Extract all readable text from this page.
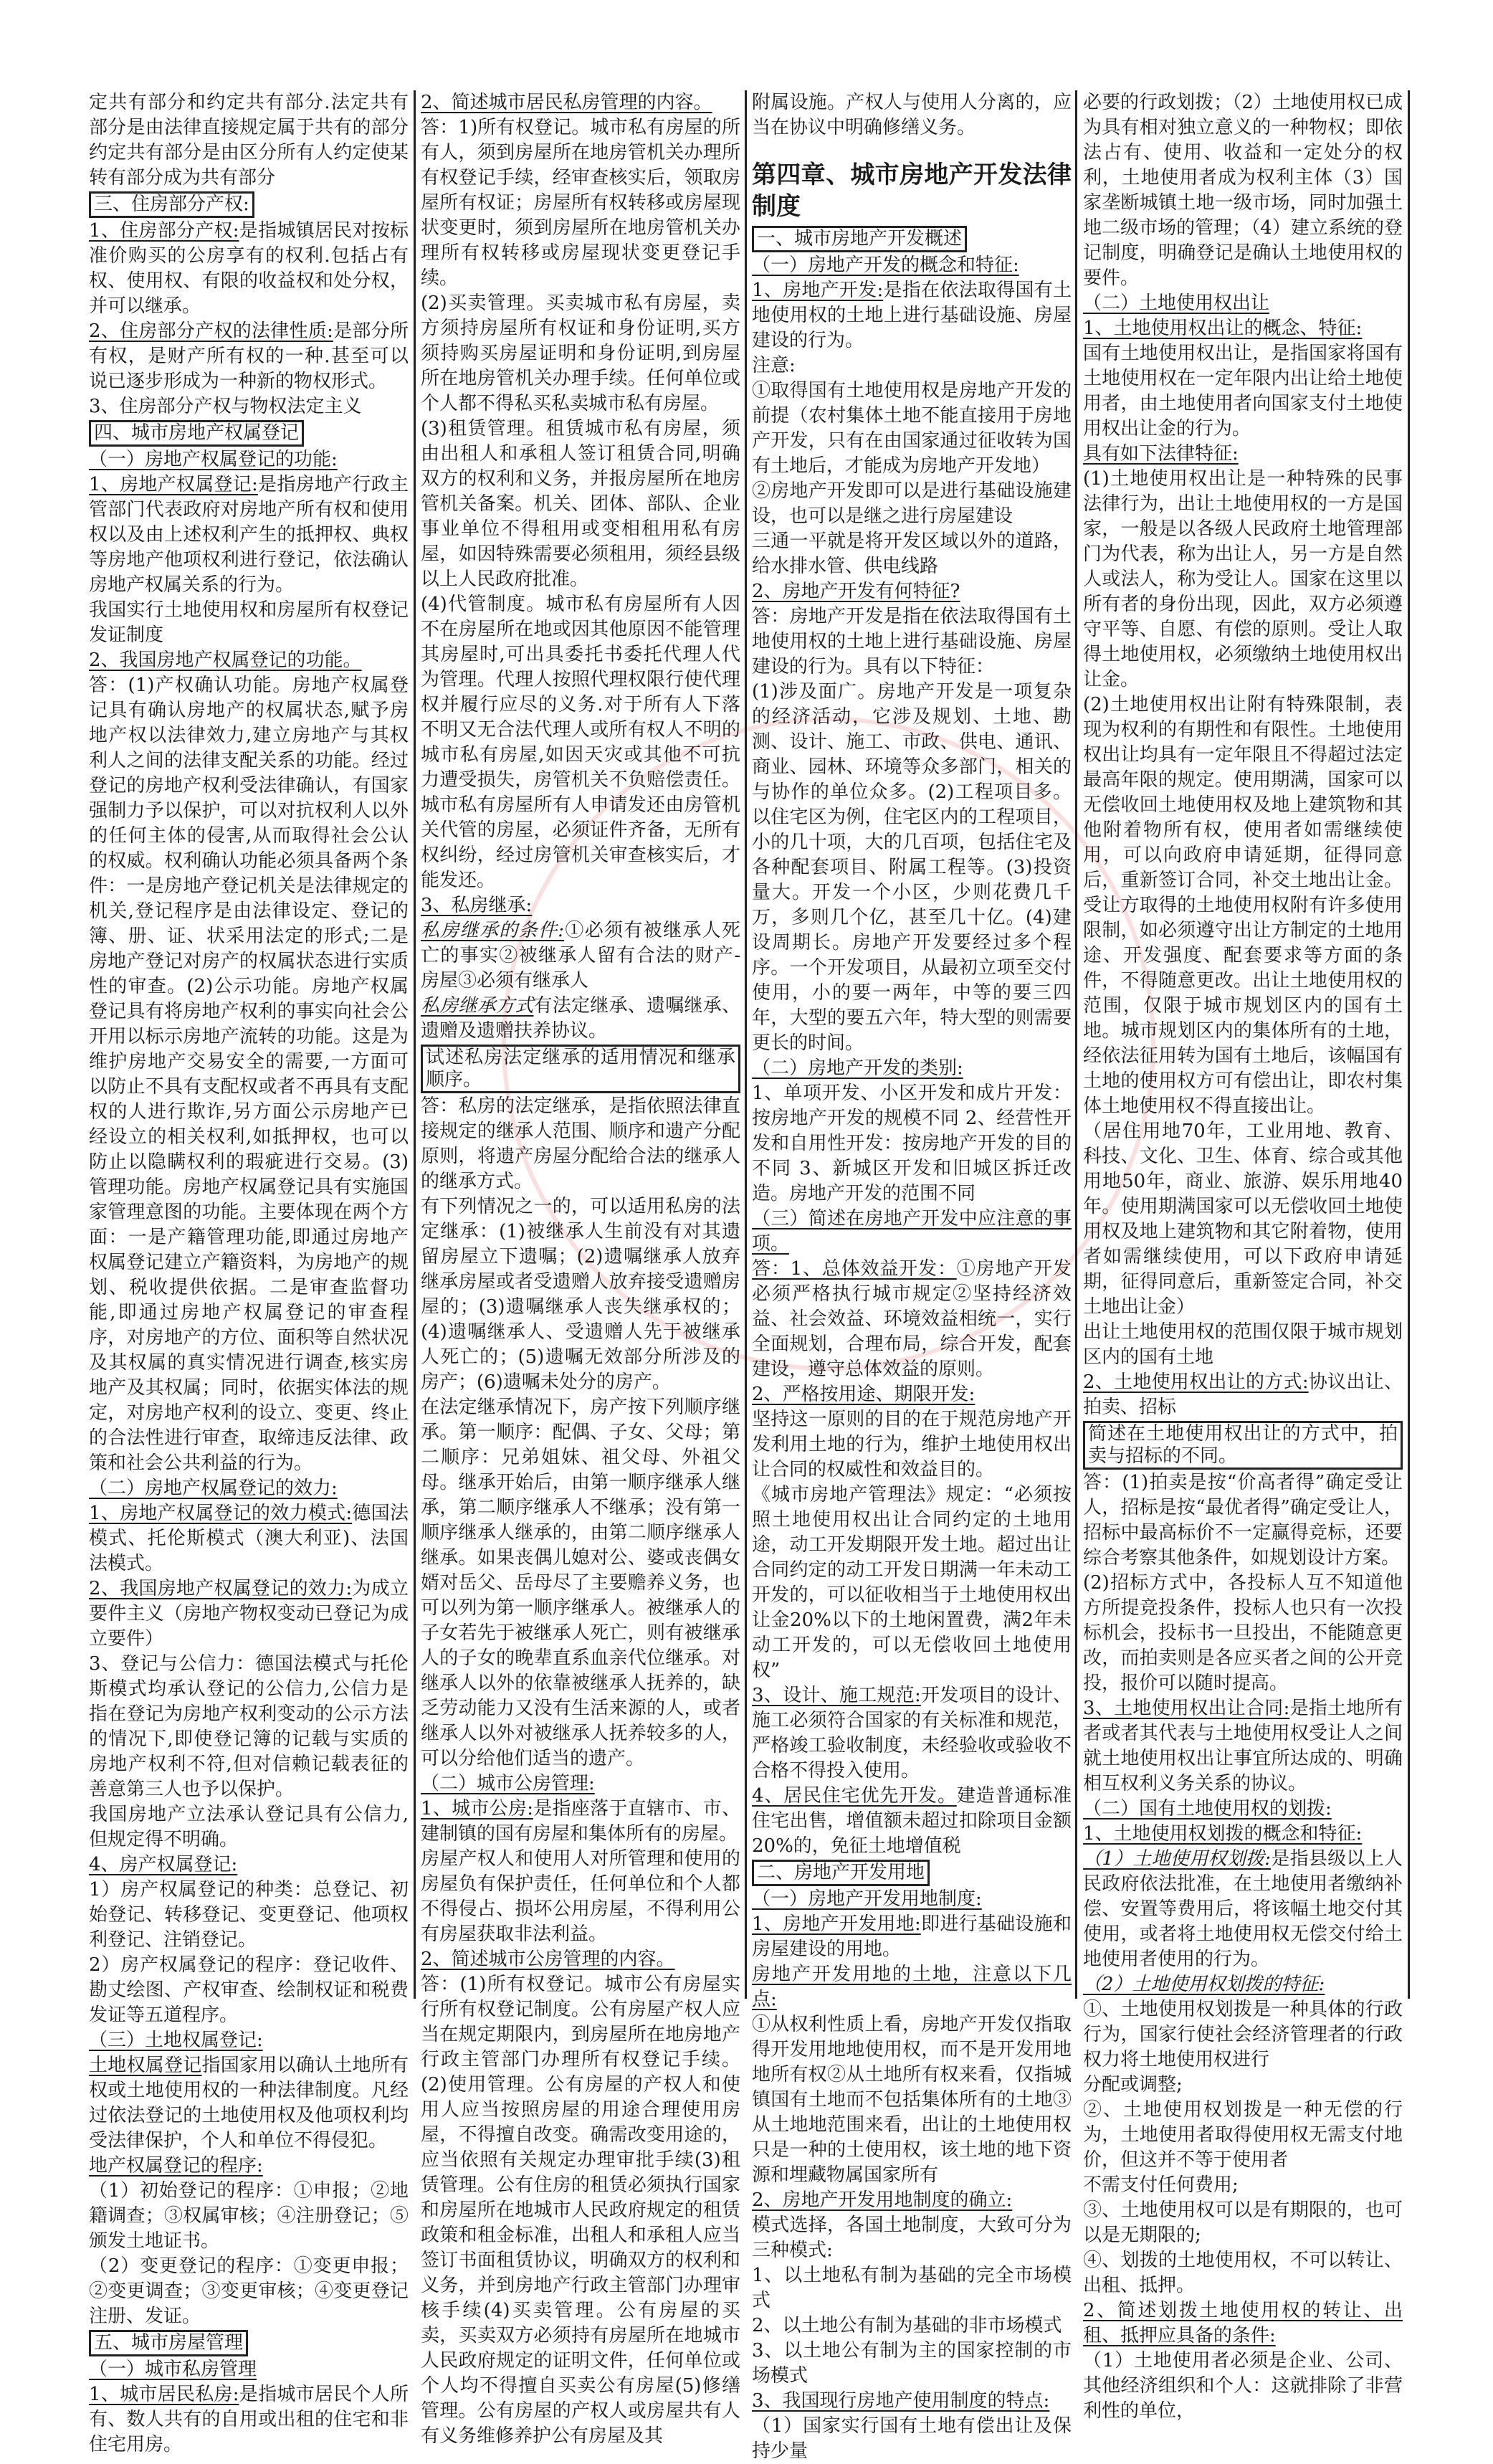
定共有部分和约定共有部分.法定共有部分是由法律直接规定属于共有的部分约定共有部分是由区分所有人约定使某转有部分成为共有部分

三、住房部分产权:

1、住房部分产权:是指城镇居民对按标准价购买的公房享有的权利.包括占有权、使用权、有限的收益权和处分权，并可以继承。

2、住房部分产权的法律性质:是部分所有权，是财产所有权的一种.甚至可以说已逐步形成为一种新的物权形式。

3、住房部分产权与物权法定主义

四、城市房地产权属登记

（一）房地产权属登记的功能:

1、房地产权属登记:是指房地产行政主管部门代表政府对房地产所有权和使用权以及由上述权利产生的抵押权、典权等房地产他项权利进行登记，依法确认房地产权属关系的行为。

我国实行土地使用权和房屋所有权登记发证制度

2、我国房地产权属登记的功能。

答：(1)产权确认功能。房地产权属登记具有确认房地产的权属状态,赋予房地产权以法律效力,建立房地产与其权利人之间的法律支配关系的功能。经过登记的房地产权利受法律确认，有国家强制力予以保护，可以对抗权利人以外的任何主体的侵害,从而取得社会公认的权威。权利确认功能必须具备两个条件：一是房地产登记机关是法律规定的机关,登记程序是由法律设定、登记的簿、册、证、状采用法定的形式;二是房地产登记对房产的权属状态进行实质性的审查。(2)公示功能。房地产权属登记具有将房地产权利的事实向社会公开用以标示房地产流转的功能。这是为维护房地产交易安全的需要,一方面可以防止不具有支配权或者不再具有支配权的人进行欺诈,另方面公示房地产已经设立的相关权利,如抵押权，也可以防止以隐瞒权利的瑕疵进行交易。(3)管理功能。房地产权属登记具有实施国家管理意图的功能。主要体现在两个方面：一是产籍管理功能,即通过房地产权属登记建立产籍资料，为房地产的规划、税收提供依据。二是审查监督功能,即通过房地产权属登记的审查程序，对房地产的方位、面积等自然状况及其权属的真实情况进行调查,核实房地产及其权属；同时，依据实体法的规定，对房地产权利的设立、变更、终止的合法性进行审查，取缔违反法律、政策和社会公共利益的行为。

（二）房地产权属登记的效力:

1、房地产权属登记的效力模式:德国法模式、托伦斯模式（澳大利亚)、法国法模式。

2、我国房地产权属登记的效力:为成立要件主义（房地产物权变动已登记为成立要件）

3、登记与公信力：德国法模式与托伦斯模式均承认登记的公信力,公信力是指在登记为房地产权利变动的公示方法的情况下,即使登记簿的记载与实质的房地产权利不符,但对信赖记载表征的善意第三人也予以保护。

我国房地产立法承认登记具有公信力,但规定得不明确。

4、房产权属登记:

1）房产权属登记的种类：总登记、初始登记、转移登记、变更登记、他项权利登记、注销登记。

2）房产权属登记的程序：登记收件、勘丈绘图、产权审查、绘制权证和税费发证等五道程序。

（三）土地权属登记:

土地权属登记指国家用以确认土地所有权或土地使用权的一种法律制度。凡经过依法登记的土地使用权及他项权利均受法律保护，个人和单位不得侵犯。

地产权属登记的程序:

（1）初始登记的程序：①申报；②地籍调查；③权属审核；④注册登记；⑤颁发土地证书。

（2）变更登记的程序：①变更申报；②变更调查；③变更审核；④变更登记注册、发证。

五、城市房屋管理

（一）城市私房管理

1、城市居民私房:是指城市居民个人所有、数人共有的自用或出租的住宅和非住宅用房。

2、简述城市居民私房管理的内容。

答：1)所有权登记。城市私有房屋的所有人，须到房屋所在地房管机关办理所有权登记手续，经审查核实后，领取房屋所有权证；房屋所有权转移或房屋现状变更时，须到房屋所在地房管机关办理所有权转移或房屋现状变更登记手续。

(2)买卖管理。买卖城市私有房屋，卖方须持房屋所有权证和身份证明,买方须持购买房屋证明和身份证明,到房屋所在地房管机关办理手续。任何单位或个人都不得私买私卖城市私有房屋。

(3)租赁管理。租赁城市私有房屋，须由出租人和承租人签订租赁合同,明确双方的权利和义务，并报房屋所在地房管机关备案。机关、团体、部队、企业事业单位不得租用或变相租用私有房屋，如因特殊需要必须租用，须经县级以上人民政府批准。

(4)代管制度。城市私有房屋所有人因不在房屋所在地或因其他原因不能管理其房屋时,可出具委托书委托代理人代为管理。代理人按照代理权限行使代理权并履行应尽的义务.对于所有人下落不明又无合法代理人或所有权人不明的城市私有房屋,如因天灾或其他不可抗力遭受损失，房管机关不负赔偿责任。城市私有房屋所有人申请发还由房管机关代管的房屋，必须证件齐备，无所有权纠纷，经过房管机关审查核实后，才能发还。

3、私房继承:

私房继承的条件:①必须有被继承人死亡的事实②被继承人留有合法的财产-房屋③必须有继承人

私房继承方式有法定继承、遗嘱继承、遗赠及遗赠扶养协议。

试述私房法定继承的适用情况和继承顺序。

答：私房的法定继承，是指依照法律直接规定的继承人范围、顺序和遗产分配原则，将遗产房屋分配给合法的继承人的继承方式。

有下列情况之一的，可以适用私房的法定继承：(1)被继承人生前没有对其遗留房屋立下遗嘱；(2)遗嘱继承人放弃继承房屋或者受遗赠人放弃接受遗赠房屋的；(3)遗嘱继承人丧失继承权的；(4)遗嘱继承人、受遗赠人先于被继承人死亡的；(5)遗嘱无效部分所涉及的房产；(6)遗嘱未处分的房产。

在法定继承情况下，房产按下列顺序继承。第一顺序：配偶、子女、父母；第二顺序：兄弟姐妹、祖父母、外祖父母。继承开始后，由第一顺序继承人继承，第二顺序继承人不继承；没有第一顺序继承人继承的，由第二顺序继承人继承。如果丧偶儿媳对公、婆或丧偶女婿对岳父、岳母尽了主要赡养义务，也可以列为第一顺序继承人。被继承人的子女若先于被继承人死亡，则有被继承人的子女的晚辈直系血亲代位继承。对继承人以外的依靠被继承人抚养的，缺乏劳动能力又没有生活来源的人，或者继承人以外对被继承人抚养较多的人，可以分给他们适当的遗产。

（二）城市公房管理:

1、城市公房:是指座落于直辖市、市、建制镇的国有房屋和集体所有的房屋。

房屋产权人和使用人对所管理和使用的房屋负有保护责任，任何单位和个人都不得侵占、损坏公用房屋，不得利用公有房屋获取非法利益。

2、简述城市公房管理的内容。

答：(1)所有权登记。城市公有房屋实行所有权登记制度。公有房屋产权人应当在规定期限内，到房屋所在地房地产行政主管部门办理所有权登记手续。(2)使用管理。公有房屋的产权人和使用人应当按照房屋的用途合理使用房屋，不得擅自改变。确需改变用途的，应当依照有关规定办理审批手续(3)租赁管理。公有住房的租赁必须执行国家和房屋所在地城市人民政府规定的租赁政策和租金标准，出租人和承租人应当签订书面租赁协议，明确双方的权利和义务，并到房地产行政主管部门办理审核手续(4)买卖管理。公有房屋的买卖，买卖双方必须持有房屋所在地城市人民政府规定的证明文件，任何单位或个人均不得擅自买卖公有房屋(5)修缮管理。公有房屋的产权人或房屋共有人有义务维修养护公有房屋及其

附属设施。产权人与使用人分离的，应当在协议中明确修缮义务。

第四章、城市房地产开发法律制度

一、城市房地产开发概述

（一）房地产开发的概念和特征:

1、房地产开发:是指在依法取得国有土地使用权的土地上进行基础设施、房屋建设的行为。

注意:

①取得国有土地使用权是房地产开发的前提（农村集体土地不能直接用于房地产开发，只有在由国家通过征收转为国有土地后，才能成为房地产开发地）

②房地产开发即可以是进行基础设施建设，也可以是继之进行房屋建设

三通一平就是将开发区域以外的道路，给水排水管、供电线路

2、房地产开发有何特征?

答：房地产开发是指在依法取得国有土地使用权的土地上进行基础设施、房屋建设的行为。具有以下特征：

(1)涉及面广。房地产开发是一项复杂的经济活动，它涉及规划、土地、勘测、设计、施工、市政、供电、通讯、商业、园林、环境等众多部门，相关的与协作的单位众多。(2)工程项目多。以住宅区为例，住宅区内的工程项目，小的几十项，大的几百项，包括住宅及各种配套项目、附属工程等。(3)投资量大。开发一个小区，少则花费几千万，多则几个亿，甚至几十亿。(4)建设周期长。房地产开发要经过多个程序。一个开发项目，从最初立项至交付使用，小的要一两年，中等的要三四年，大型的要五六年，特大型的则需要更长的时间。

（二）房地产开发的类别:

1、单项开发、小区开发和成片开发：按房地产开发的规模不同 2、经营性开发和自用性开发：按房地产开发的目的不同 3、新城区开发和旧城区拆迁改造。房地产开发的范围不同

（三）简述在房地产开发中应注意的事项。

答：1、总体效益开发：①房地产开发必须严格执行城市规定②坚持经济效益、社会效益、环境效益相统一，实行全面规划，合理布局，综合开发，配套建设，遵守总体效益的原则。

2、严格按用途、期限开发:

坚持这一原则的目的在于规范房地产开发利用土地的行为，维护土地使用权出让合同的权威性和效益目的。

《城市房地产管理法》规定：“必须按照土地使用权出让合同约定的土地用途，动工开发期限开发土地。超过出让合同约定的动工开发日期满一年未动工开发的，可以征收相当于土地使用权出让金20%以下的土地闲置费，满2年未动工开发的，可以无偿收回土地使用权”

3、设计、施工规范:开发项目的设计、施工必须符合国家的有关标准和规范，严格竣工验收制度，未经验收或验收不合格不得投入使用。

4、居民住宅优先开发。建造普通标准住宅出售，增值额未超过扣除项目金额20%的，免征土地增值税

二、房地产开发用地

（一）房地产开发用地制度:

1、房地产开发用地:即进行基础设施和房屋建设的用地。

房地产开发用地的土地，注意以下几点:

①从权利性质上看，房地产开发仅指取得开发用地地使用权，而不是开发用地地所有权②从土地所有权来看，仅指城镇国有土地而不包括集体所有的土地③从土地地范围来看，出让的土地使用权只是一种的土使用权，该土地的地下资源和埋藏物属国家所有

2、房地产开发用地制度的确立:

模式选择，各国土地制度，大致可分为三种模式:

1、以土地私有制为基础的完全市场模式

2、以土地公有制为基础的非市场模式

3、以土地公有制为主的国家控制的市场模式

3、我国现行房地产使用制度的特点:

（1）国家实行国有土地有偿出让及保持少量

必要的行政划拨；（2）土地使用权已成为具有相对独立意义的一种物权；即依法占有、使用、收益和一定处分的权利，土地使用者成为权利主体（3）国家垄断城镇土地一级市场，同时加强土地二级市场的管理；（4）建立系统的登记制度，明确登记是确认土地使用权的要件。

（二）土地使用权出让

1、土地使用权出让的概念、特征:

国有土地使用权出让，是指国家将国有土地使用权在一定年限内出让给土地使用者，由土地使用者向国家支付土地使用权出让金的行为。

具有如下法律特征:

(1)土地使用权出让是一种特殊的民事法律行为，出让土地使用权的一方是国家，一般是以各级人民政府土地管理部门为代表，称为出让人，另一方是自然人或法人，称为受让人。国家在这里以所有者的身份出现，因此，双方必须遵守平等、自愿、有偿的原则。受让人取得土地使用权，必须缴纳土地使用权出让金。

(2)土地使用权出让附有特殊限制，表现为权利的有期性和有限性。土地使用权出让均具有一定年限且不得超过法定最高年限的规定。使用期满，国家可以无偿收回土地使用权及地上建筑物和其他附着物所有权，使用者如需继续使用，可以向政府申请延期，征得同意后，重新签订合同，补交土地出让金。受让方取得的土地使用权附有许多使用限制，如必须遵守出让方制定的土地用途、开发强度、配套要求等方面的条件，不得随意更改。出让土地使用权的范围，仅限于城市规划区内的国有土地。城市规划区内的集体所有的土地，经依法征用转为国有土地后，该幅国有土地的使用权方可有偿出让，即农村集体土地使用权不得直接出让。

（居住用地70年，工业用地、教育、科技、文化、卫生、体育、综合或其他用地50年，商业、旅游、娱乐用地40年。使用期满国家可以无偿收回土地使用权及地上建筑物和其它附着物，使用者如需继续使用，可以下政府申请延期，征得同意后，重新签定合同，补交土地出让金）

出让土地使用权的范围仅限于城市规划区内的国有土地

2、土地使用权出让的方式:协议出让、拍卖、招标

简述在土地使用权出让的方式中，拍卖与招标的不同。

答：(1)拍卖是按“价高者得”确定受让人，招标是按“最优者得”确定受让人，招标中最高标价不一定赢得竞标，还要综合考察其他条件，如规划设计方案。

(2)招标方式中，各投标人互不知道他方所提竞投条件，投标人也只有一次投标机会，投标书一旦投出，不能随意更改，而拍卖则是各应买者之间的公开竞投，报价可以随时提高。

3、土地使用权出让合同:是指土地所有者或者其代表与土地使用权受让人之间就土地使用权出让事宜所达成的、明确相互权利义务关系的协议。

（二）国有土地使用权的划拨:

1、土地使用权划拨的概念和特征:

（1）土地使用权划拨:是指县级以上人民政府依法批准，在土地使用者缴纳补偿、安置等费用后，将该幅土地交付其使用，或者将土地使用权无偿交付给土地使用者使用的行为。

（2）土地使用权划拨的特征:

①、土地使用权划拨是一种具体的行政行为，国家行使社会经济管理者的行政权力将土地使用权进行

分配或调整;

②、土地使用权划拨是一种无偿的行为，土地使用者取得使用权无需支付地价，但这并不等于使用者

不需支付任何费用;

③、土地使用权可以是有期限的，也可以是无期限的;

④、划拨的土地使用权，不可以转让、出租、抵押。

2、简述划拨土地使用权的转让、出租、抵押应具备的条件:

（1）土地使用者必须是企业、公司、其他经济组织和个人：这就排除了非营利性的单位，
